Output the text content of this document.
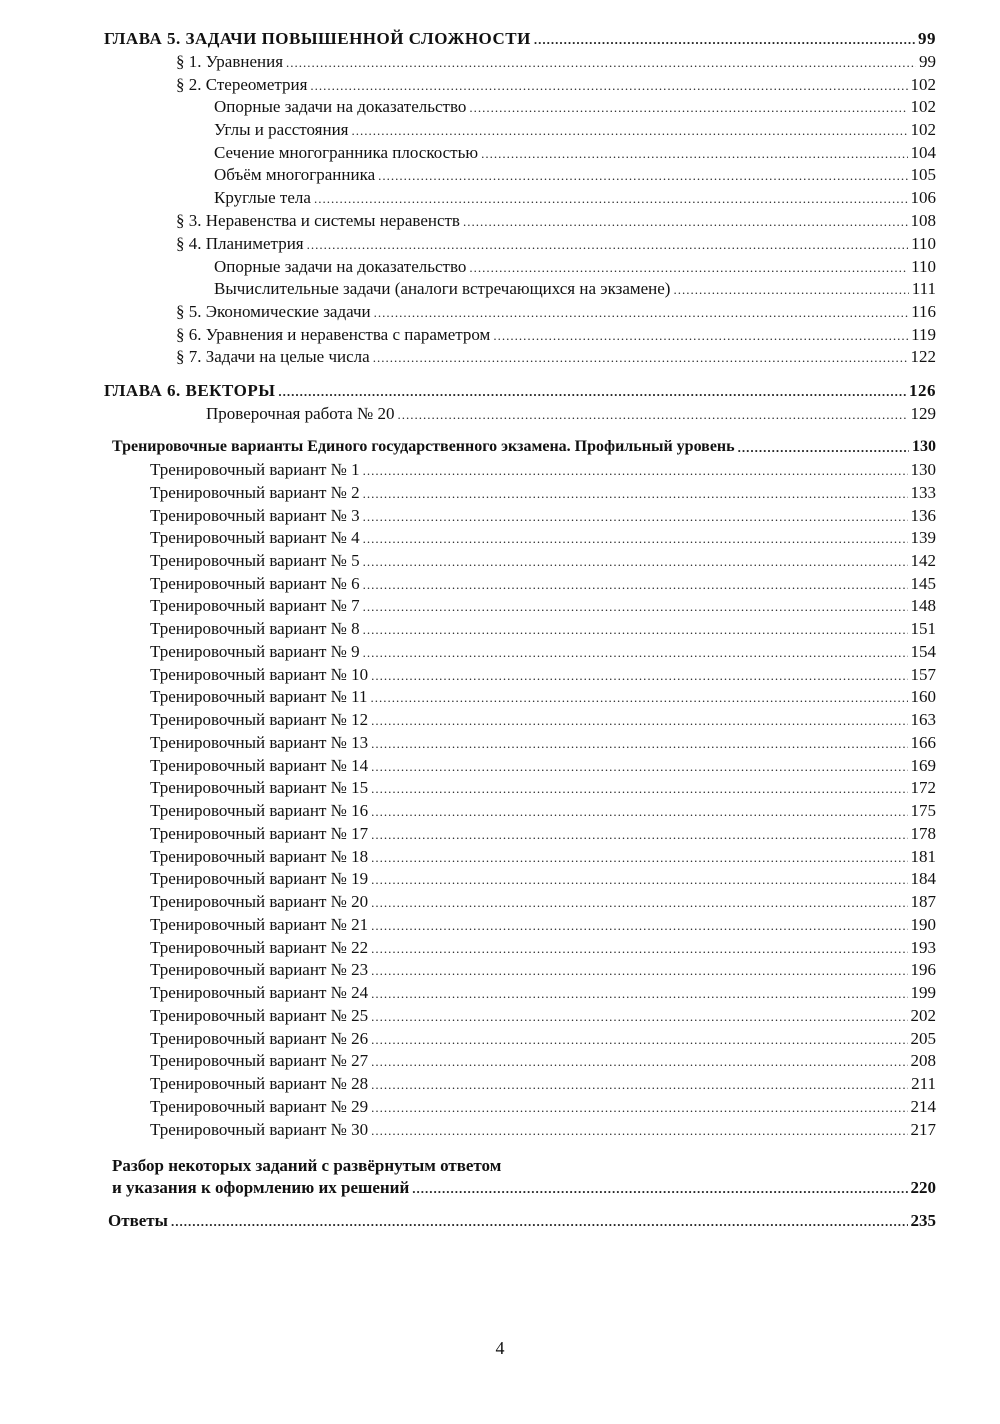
ГЛАВА 5. ЗАДАЧИ ПОВЫШЕННОЙ СЛОЖНОСТИ .....	99
§ 1. Уравнения .....	99
§ 2. Стереометрия .....	102
Опорные задачи на доказательство .....	102
Углы и расстояния .....	102
Сечение многогранника плоскостью .....	104
Объём многогранника .....	105
Круглые тела .....	106
§ 3. Неравенства и системы неравенств .....	108
§ 4. Планиметрия .....	110
Опорные задачи на доказательство .....	110
Вычислительные задачи (аналоги встречающихся на экзамене) .....	111
§ 5. Экономические задачи .....	116
§ 6. Уравнения и неравенства с параметром .....	119
§ 7. Задачи на целые числа .....	122
ГЛАВА 6. ВЕКТОРЫ .....	126
Проверочная работа № 20 .....	129
Тренировочные варианты Единого государственного экзамена. Профильный уровень .....	130
Тренировочный вариант № 1 .....	130
Тренировочный вариант № 2 .....	133
Тренировочный вариант № 3 .....	136
Тренировочный вариант № 4 .....	139
Тренировочный вариант № 5 .....	142
Тренировочный вариант № 6 .....	145
Тренировочный вариант № 7 .....	148
Тренировочный вариант № 8 .....	151
Тренировочный вариант № 9 .....	154
Тренировочный вариант № 10 .....	157
Тренировочный вариант № 11 .....	160
Тренировочный вариант № 12 .....	163
Тренировочный вариант № 13 .....	166
Тренировочный вариант № 14 .....	169
Тренировочный вариант № 15 .....	172
Тренировочный вариант № 16 .....	175
Тренировочный вариант № 17 .....	178
Тренировочный вариант № 18 .....	181
Тренировочный вариант № 19 .....	184
Тренировочный вариант № 20 .....	187
Тренировочный вариант № 21 .....	190
Тренировочный вариант № 22 .....	193
Тренировочный вариант № 23 .....	196
Тренировочный вариант № 24 .....	199
Тренировочный вариант № 25 .....	202
Тренировочный вариант № 26 .....	205
Тренировочный вариант № 27 .....	208
Тренировочный вариант № 28 .....	211
Тренировочный вариант № 29 .....	214
Тренировочный вариант № 30 .....	217
Разбор некоторых заданий с развёрнутым ответом
и указания к оформлению их решений .....	220
Ответы .....	235
4
